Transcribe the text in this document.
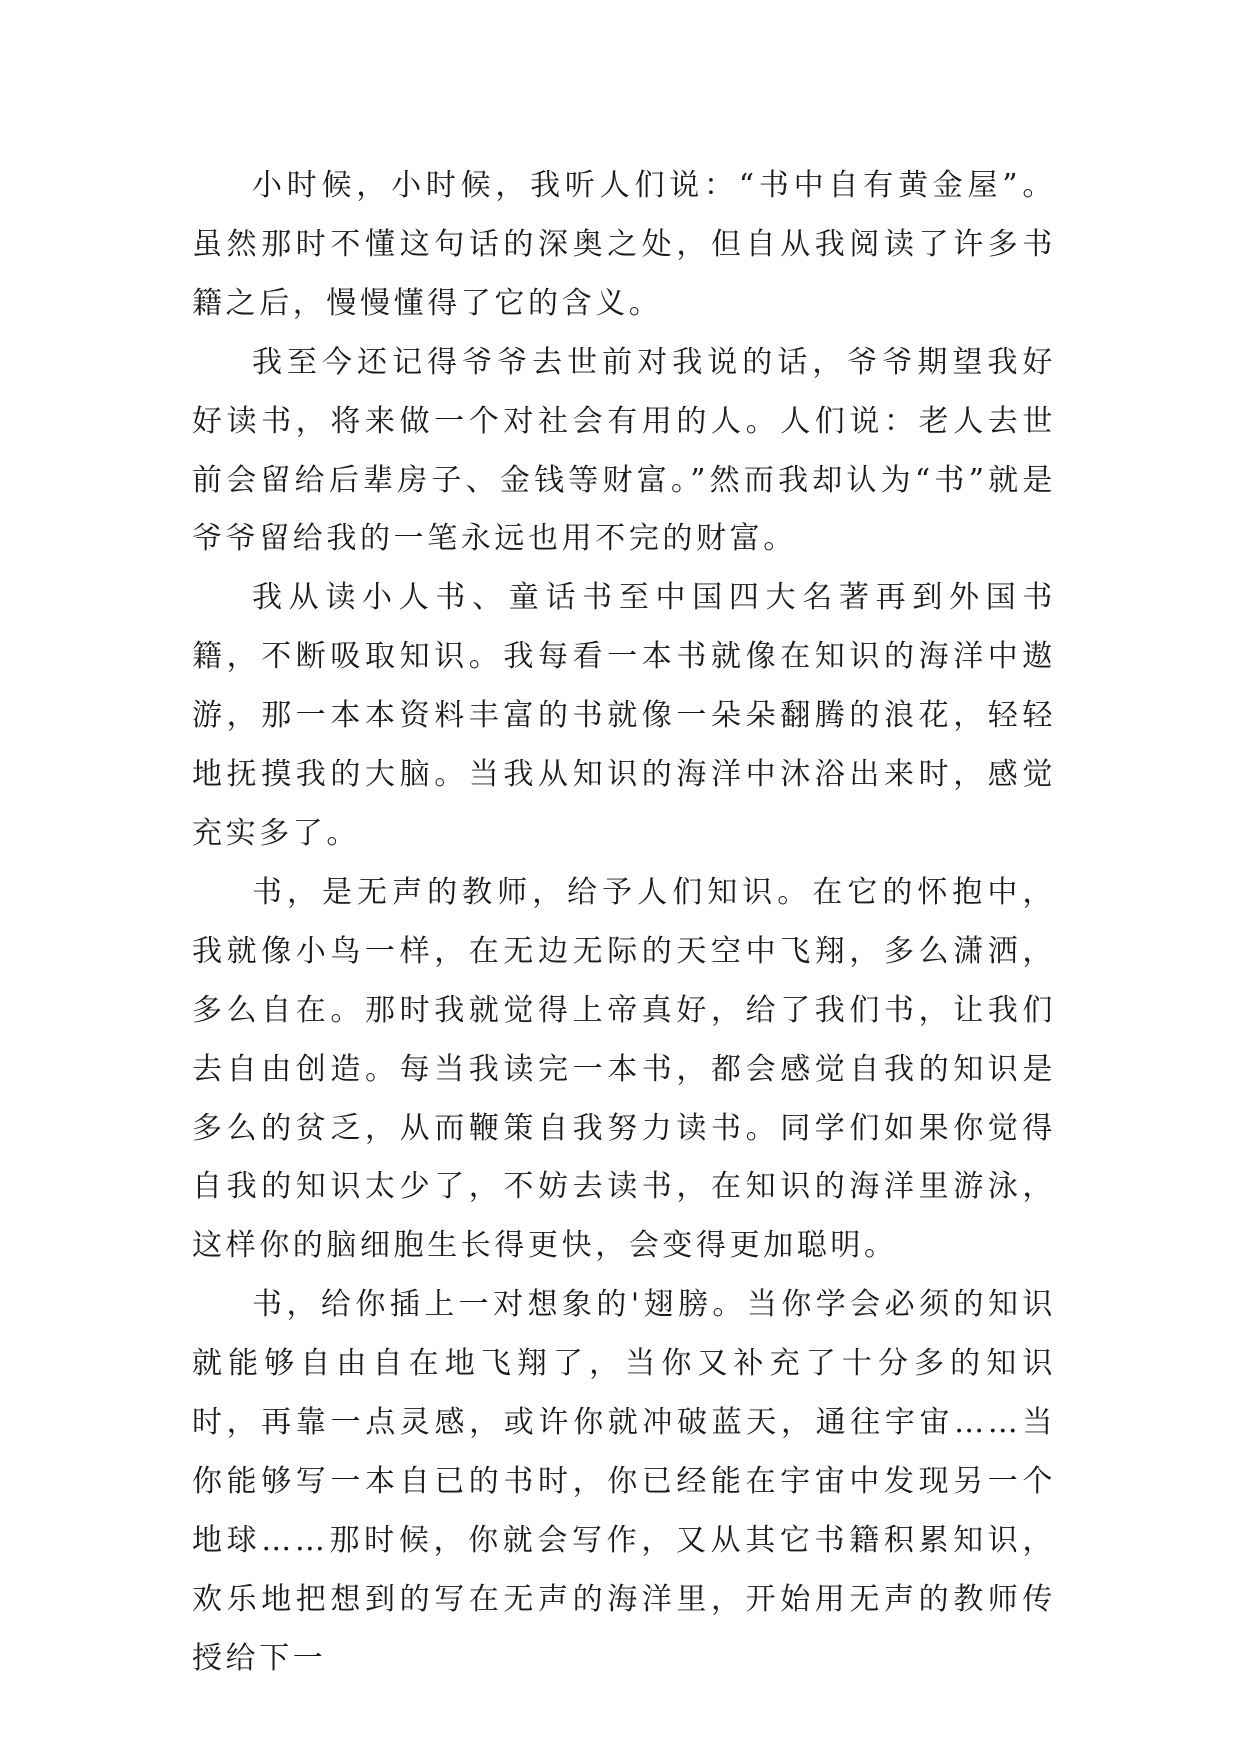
小时候，小时候，我听人们说：“书中自有黄金屋”。虽然那时不懂这句话的深奥之处，但自从我阅读了许多书籍之后，慢慢懂得了它的含义。

我至今还记得爷爷去世前对我说的话，爷爷期望我好好读书，将来做一个对社会有用的人。人们说：老人去世前会留给后辈房子、金钱等财富。”然而我却认为“书”就是爷爷留给我的一笔永远也用不完的财富。

我从读小人书、童话书至中国四大名著再到外国书籍，不断吸取知识。我每看一本书就像在知识的海洋中遨游，那一本本资料丰富的书就像一朵朵翻腾的浪花，轻轻地抚摸我的大脑。当我从知识的海洋中沐浴出来时，感觉充实多了。

书，是无声的教师，给予人们知识。在它的怀抱中，我就像小鸟一样，在无边无际的天空中飞翔，多么潇洒，多么自在。那时我就觉得上帝真好，给了我们书，让我们去自由创造。每当我读完一本书，都会感觉自我的知识是多么的贫乏，从而鞭策自我努力读书。同学们如果你觉得自我的知识太少了，不妨去读书，在知识的海洋里游泳，这样你的脑细胞生长得更快，会变得更加聪明。

书，给你插上一对想象的'翅膀。当你学会必须的知识就能够自由自在地飞翔了，当你又补充了十分多的知识时，再靠一点灵感，或许你就冲破蓝天，通往宇宙……当你能够写一本自已的书时，你已经能在宇宙中发现另一个地球……那时候，你就会写作，又从其它书籍积累知识，欢乐地把想到的写在无声的海洋里，开始用无声的教师传授给下一
